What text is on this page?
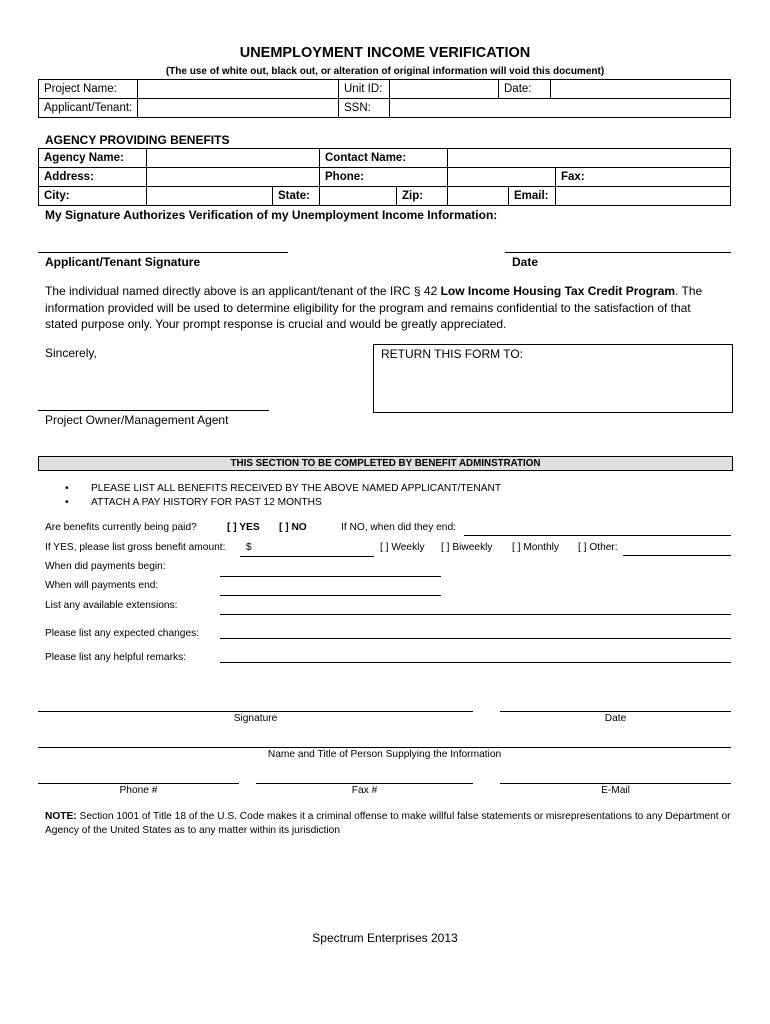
UNEMPLOYMENT INCOME VERIFICATION
(The use of white out, black out, or alteration of original information will void this document)
Project Name:		Unit ID:		Date:	
Applicant/Tenant:		SSN:			
AGENCY PROVIDING BENEFITS
Agency Name:			Contact Name:				
Address:			Phone:				Fax:
City:		State:		Zip:		Email:	
My Signature Authorizes Verification of my Unemployment Income Information:
Applicant/Tenant Signature	Date
The individual named directly above is an applicant/tenant of the IRC § 42 Low Income Housing Tax Credit Program. The information provided will be used to determine eligibility for the program and remains confidential to the satisfaction of that stated purpose only. Your prompt response is crucial and would be greatly appreciated.
Sincerely,	RETURN THIS FORM TO:
Project Owner/Management Agent
THIS SECTION TO BE COMPLETED BY BENEFIT ADMINSTRATION
• PLEASE LIST ALL BENEFITS RECEIVED BY THE ABOVE NAMED APPLICANT/TENANT
• ATTACH A PAY HISTORY FOR PAST 12 MONTHS
Are benefits currently being paid?	[ ] YES [ ] NO	If NO, when did they end:
If YES, please list gross benefit amount: $	[ ] Weekly [ ] Biweekly [ ] Monthly [ ] Other:
When did payments begin:
When will payments end:
List any available extensions:
Please list any expected changes:
Please list any helpful remarks:
Signature	Date
Name and Title of Person Supplying the Information
Phone #	Fax #	E-Mail
NOTE: Section 1001 of Title 18 of the U.S. Code makes it a criminal offense to make willful false statements or misrepresentations to any Department or Agency of the United States as to any matter within its jurisdiction
Spectrum Enterprises 2013
